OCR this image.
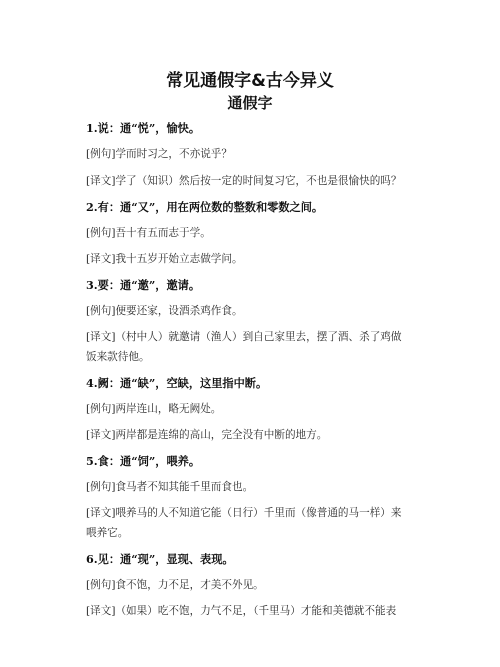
常见通假字&古今异义
通假字
1.说：通“悦”，愉快。
[例句]学而时习之，不亦说乎？
[译文]学了（知识）然后按一定的时间复习它，不也是很愉快的吗？
2.有：通“又”，用在两位数的整数和零数之间。
[例句]吾十有五而志于学。
[译文]我十五岁开始立志做学问。
3.要：通“邀”，邀请。
[例句]便要还家，设酒杀鸡作食。
[译文]（村中人）就邀请（渔人）到自己家里去，摆了酒、杀了鸡做
饭来款待他。
4.阙：通“缺”，空缺，这里指中断。
[例句]两岸连山，略无阙处。
[译文]两岸都是连绵的高山，完全没有中断的地方。
5.食：通“饲”，喂养。
[例句]食马者不知其能千里而食也。
[译文]喂养马的人不知道它能（日行）千里而（像普通的马一样）来
喂养它。
6.见：通“现”，显现、表现。
[例句]食不饱，力不足，才美不外见。
[译文]（如果）吃不饱，力气不足，（千里马）才能和美德就不能表
